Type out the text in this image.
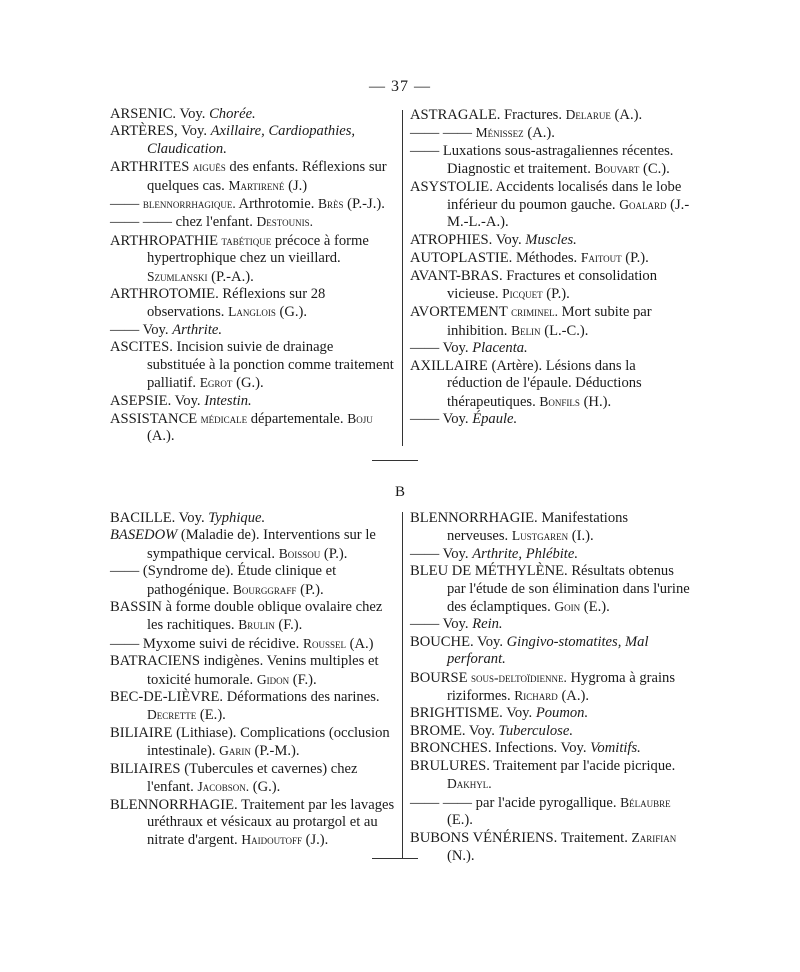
— 37 —
ARSENIC. Voy. Chorée.
ARTÈRES, Voy. Axillaire, Cardiopathies, Claudication.
ARTHRITES aiguës des enfants. Réflexions sur quelques cas. Martirené (J.)
—— blennorrhagique. Arthrotomie. Brès (P.-J.).
—— —— chez l'enfant. Destounis.
ARTHROPATHIE tabétique précoce à forme hypertrophique chez un vieillard. Szumlanski (P.-A.).
ARTHROTOMIE. Réflexions sur 28 observations. Langlois (G.).
—— Voy. Arthrite.
ASCITES. Incision suivie de drainage substituée à la ponction comme traitement palliatif. Egrot (G.).
ASEPSIE. Voy. Intestin.
ASSISTANCE médicale départementale. Boju (A.).
ASTRAGALE. Fractures. Delarue (A.).
—— —— Ménissez (A.).
—— Luxations sous-astragaliennes récentes. Diagnostic et traitement. Bouvart (C.).
ASYSTOLIE. Accidents localisés dans le lobe inférieur du poumon gauche. Goalard (J.-M.-L.-A.).
ATROPHIES. Voy. Muscles.
AUTOPLASTIE. Méthodes. Faitout (P.).
AVANT-BRAS. Fractures et consolidation vicieuse. Picquet (P.).
AVORTEMENT criminel. Mort subite par inhibition. Belin (L.-C.).
—— Voy. Placenta.
AXILLAIRE (Artère). Lésions dans la réduction de l'épaule. Déductions thérapeutiques. Bonfils (H.).
—— Voy. Épaule.
B
BACILLE. Voy. Typhique.
BASEDOW (Maladie de). Interventions sur le sympathique cervical. Boissou (P.).
—— (Syndrome de). Étude clinique et pathogénique. Bourggraff (P.).
BASSIN à forme double oblique ovalaire chez les rachitiques. Brulin (F.).
—— Myxome suivi de récidive. Roussel (A.)
BATRACIENS indigènes. Venins multiples et toxicité humorale. Gidon (F.).
BEC-DE-LIÈVRE. Déformations des narines. Decrette (E.).
BILIAIRE (Lithiase). Complications (occlusion intestinale). Garin (P.-M.).
BILIAIRES (Tubercules et cavernes) chez l'enfant. Jacobson. (G.).
BLENNORRHAGIE. Traitement par les lavages uréthraux et vésicaux au protargol et au nitrate d'argent. Haidoutoff (J.).
BLENNORRHAGIE. Manifestations nerveuses. Lustgaren (I.).
—— Voy. Arthrite, Phlébite.
BLEU DE MÉTHYLÈNE. Résultats obtenus par l'étude de son élimination dans l'urine des éclamptiques. Goin (E.).
—— Voy. Rein.
BOUCHE. Voy. Gingivo-stomatites, Mal perforant.
BOURSE sous-deltoïdienne. Hygroma à grains riziformes. Richard (A.).
BRIGHTISME. Voy. Poumon.
BROME. Voy. Tuberculose.
BRONCHES. Infections. Voy. Vomitifs.
BRULURES. Traitement par l'acide picrique. Dakhyl.
—— —— par l'acide pyrogallique. Bélaubre (E.).
BUBONS VÉNÉRIENS. Traitement. Zarifian (N.).
